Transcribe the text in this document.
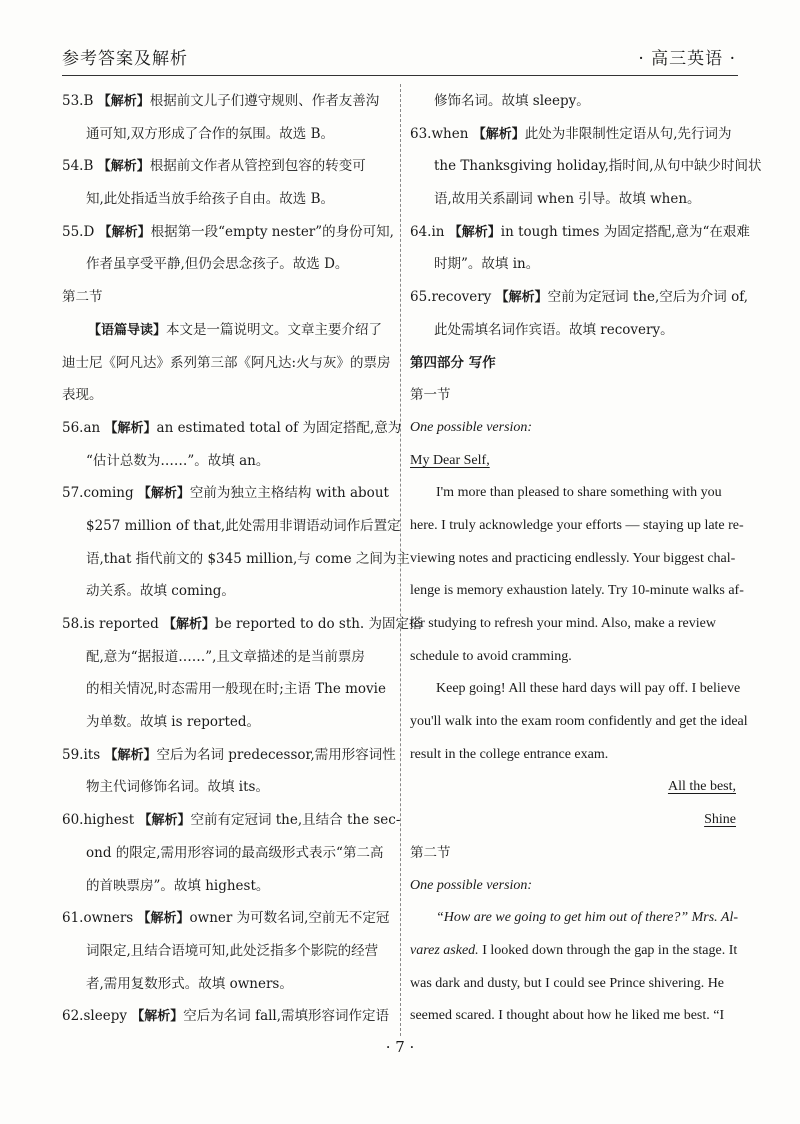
参考答案及解析	· 高三英语 ·
53.B 【解析】根据前文儿子们遵守规则、作者友善沟
通可知,双方形成了合作的氛围。故选 B。
54.B 【解析】根据前文作者从管控到包容的转变可
知,此处指适当放手给孩子自由。故选 B。
55.D 【解析】根据第一段“empty nester”的身份可知,
作者虽享受平静,但仍会思念孩子。故选 D。
第二节
【语篇导读】本文是一篇说明文。文章主要介绍了
迪士尼《阿凡达》系列第三部《阿凡达:火与灰》的票房
表现。
56.an 【解析】an estimated total of 为固定搭配,意为
“估计总数为……”。故填 an。
57.coming 【解析】空前为独立主格结构 with about
$257 million of that,此处需用非谓语动词作后置定
语,that 指代前文的 $345 million,与 come 之间为主
动关系。故填 coming。
58.is reported 【解析】be reported to do sth. 为固定搭
配,意为“据报道……”,且文章描述的是当前票房
的相关情况,时态需用一般现在时;主语 The movie
为单数。故填 is reported。
59.its 【解析】空后为名词 predecessor,需用形容词性
物主代词修饰名词。故填 its。
60.highest 【解析】空前有定冠词 the,且结合 the sec-
ond 的限定,需用形容词的最高级形式表示“第二高
的首映票房”。故填 highest。
61.owners 【解析】owner 为可数名词,空前无不定冠
词限定,且结合语境可知,此处泛指多个影院的经营
者,需用复数形式。故填 owners。
62.sleepy 【解析】空后为名词 fall,需填形容词作定语
修饰名词。故填 sleepy。
63.when 【解析】此处为非限制性定语从句,先行词为
the Thanksgiving holiday,指时间,从句中缺少时间状
语,故用关系副词 when 引导。故填 when。
64.in 【解析】in tough times 为固定搭配,意为“在艰难
时期”。故填 in。
65.recovery 【解析】空前为定冠词 the,空后为介词 of,
此处需填名词作宾语。故填 recovery。
第四部分 写作
第一节
One possible version:
My Dear Self,
I'm more than pleased to share something with you
here. I truly acknowledge your efforts — staying up late re-
viewing notes and practicing endlessly. Your biggest chal-
lenge is memory exhaustion lately. Try 10-minute walks af-
ter studying to refresh your mind. Also, make a review
schedule to avoid cramming.
Keep going! All these hard days will pay off. I believe
you'll walk into the exam room confidently and get the ideal
result in the college entrance exam.
All the best,
Shine
第二节
One possible version:
“How are we going to get him out of there?” Mrs. Al-
varez asked. I looked down through the gap in the stage. It
was dark and dusty, but I could see Prince shivering. He
seemed scared. I thought about how he liked me best. “I
· 7 ·
